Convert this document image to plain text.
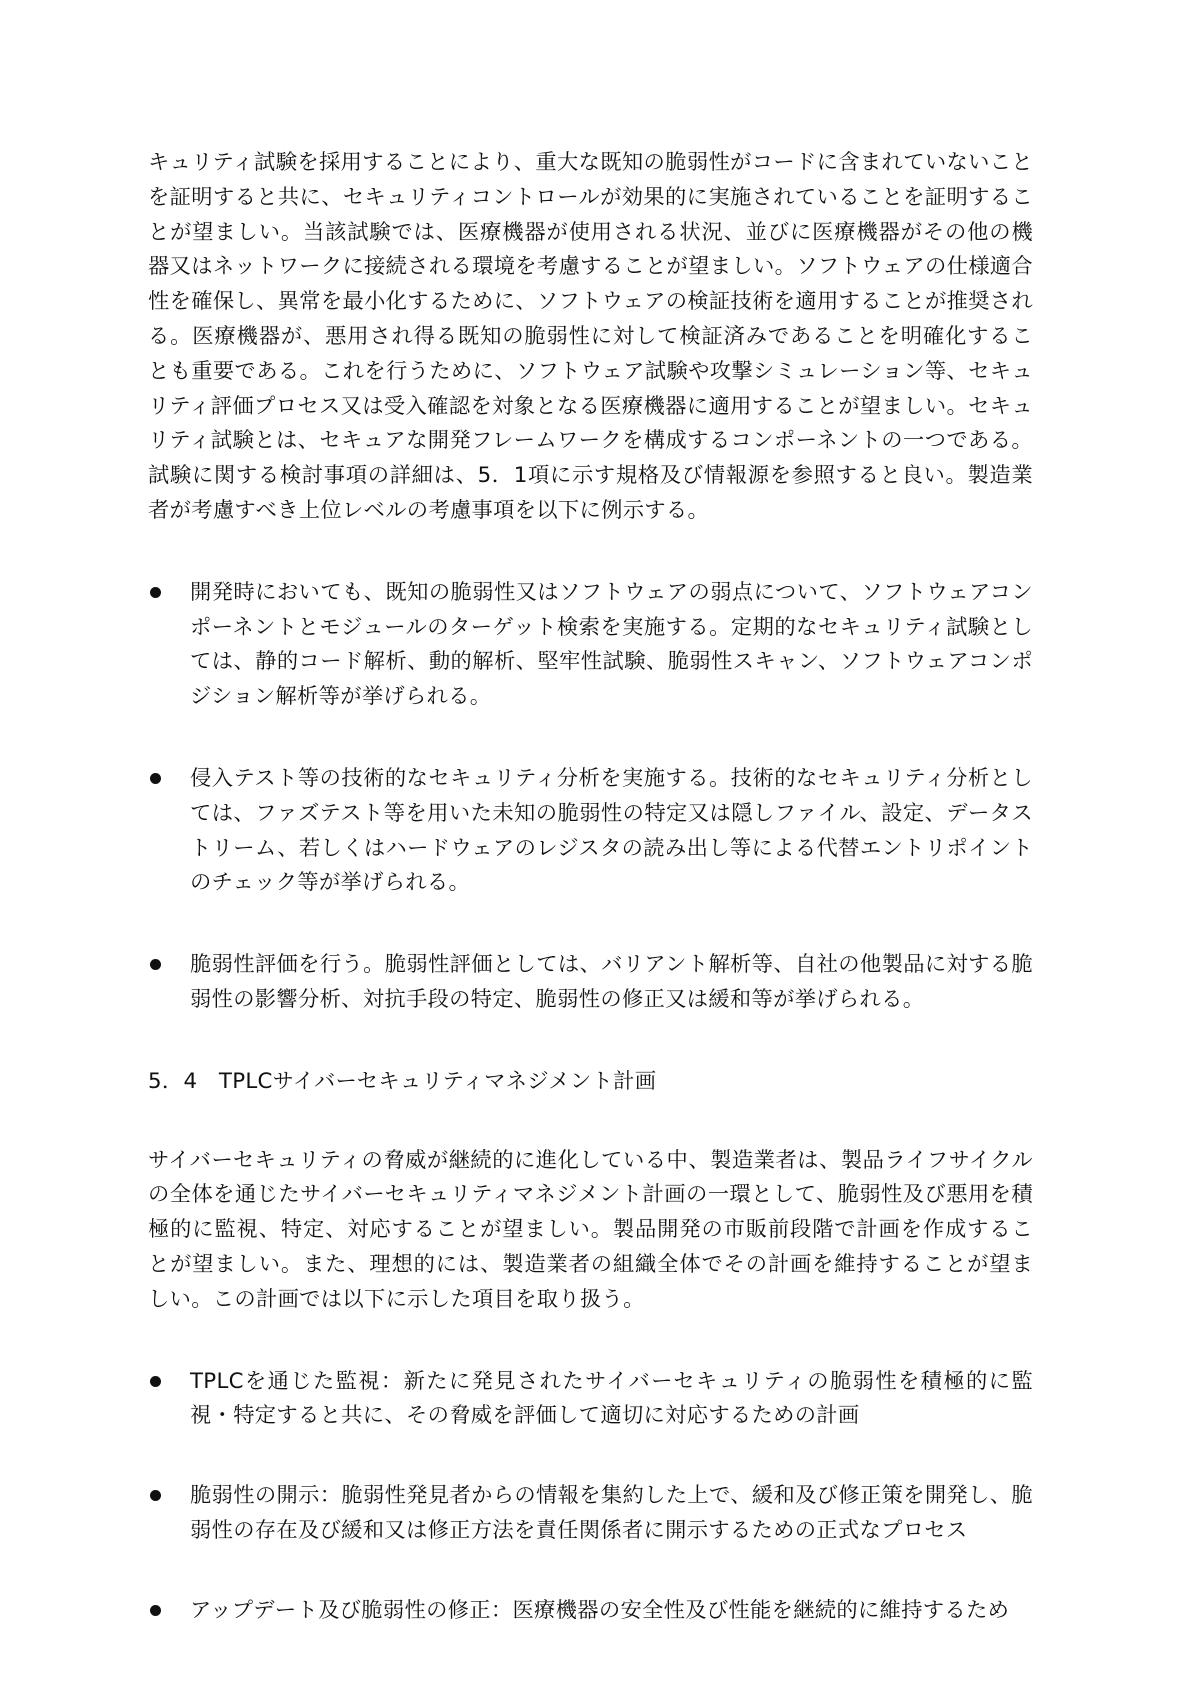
キュリティ試験を採用することにより、重大な既知の脆弱性がコードに含まれていないことを証明すると共に、セキュリティコントロールが効果的に実施されていることを証明することが望ましい。当該試験では、医療機器が使用される状況、並びに医療機器がその他の機器又はネットワークに接続される環境を考慮することが望ましい。ソフトウェアの仕様適合性を確保し、異常を最小化するために、ソフトウェアの検証技術を適用することが推奨される。医療機器が、悪用され得る既知の脆弱性に対して検証済みであることを明確化することも重要である。これを行うために、ソフトウェア試験や攻撃シミュレーション等、セキュリティ評価プロセス又は受入確認を対象となる医療機器に適用することが望ましい。セキュリティ試験とは、セキュアな開発フレームワークを構成するコンポーネントの一つである。試験に関する検討事項の詳細は、5．1項に示す規格及び情報源を参照すると良い。製造業者が考慮すべき上位レベルの考慮事項を以下に例示する。

開発時においても、既知の脆弱性又はソフトウェアの弱点について、ソフトウェアコンポーネントとモジュールのターゲット検索を実施する。定期的なセキュリティ試験としては、静的コード解析、動的解析、堅牢性試験、脆弱性スキャン、ソフトウェアコンポジション解析等が挙げられる。
侵入テスト等の技術的なセキュリティ分析を実施する。技術的なセキュリティ分析としては、ファズテスト等を用いた未知の脆弱性の特定又は隠しファイル、設定、データストリーム、若しくはハードウェアのレジスタの読み出し等による代替エントリポイントのチェック等が挙げられる。
脆弱性評価を行う。脆弱性評価としては、バリアント解析等、自社の他製品に対する脆弱性の影響分析、対抗手段の特定、脆弱性の修正又は緩和等が挙げられる。
5．4　TPLCサイバーセキュリティマネジメント計画

サイバーセキュリティの脅威が継続的に進化している中、製造業者は、製品ライフサイクルの全体を通じたサイバーセキュリティマネジメント計画の一環として、脆弱性及び悪用を積極的に監視、特定、対応することが望ましい。製品開発の市販前段階で計画を作成することが望ましい。また、理想的には、製造業者の組織全体でその計画を維持することが望ましい。この計画では以下に示した項目を取り扱う。

TPLCを通じた監視：新たに発見されたサイバーセキュリティの脆弱性を積極的に監視・特定すると共に、その脅威を評価して適切に対応するための計画
脆弱性の開示：脆弱性発見者からの情報を集約した上で、緩和及び修正策を開発し、脆弱性の存在及び緩和又は修正方法を責任関係者に開示するための正式なプロセス
アップデート及び脆弱性の修正：医療機器の安全性及び性能を継続的に維持するため
